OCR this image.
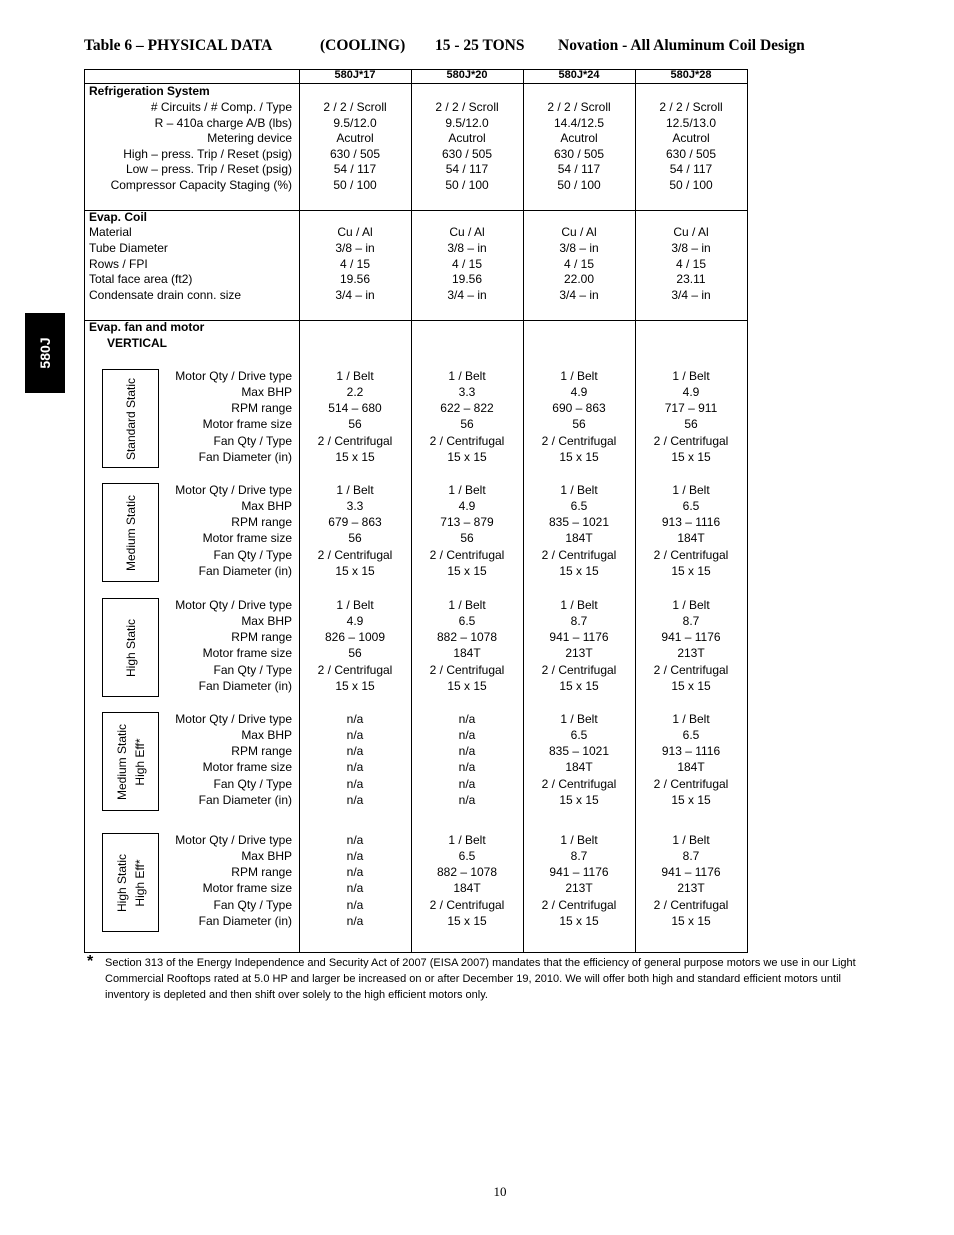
Table 6 – PHYSICAL DATA	(COOLING) 15 - 25 TONS Novation - All Aluminum Coil Design
580J
580J*17	580J*20	580J*24	580J*28
Refrigeration System
Evap. Coil
Evap. fan and motor
VERTICAL
# Circuits / # Comp. / Type	2 / 2 / Scroll	2 / 2 / Scroll	2 / 2 / Scroll	2 / 2 / Scroll
R – 410a charge A/B (lbs)	9.5/12.0	9.5/12.0	14.4/12.5	12.5/13.0
Metering device	Acutrol	Acutrol	Acutrol	Acutrol
High – press. Trip / Reset (psig)	630 / 505	630 / 505	630 / 505	630 / 505
Low – press. Trip / Reset (psig)	54 / 117	54 / 117	54 / 117	54 / 117
Compressor Capacity Staging (%)	50 / 100	50 / 100	50 / 100	50 / 100
Material	Cu / Al	Cu / Al	Cu / Al	Cu / Al
Tube Diameter	3/8 – in	3/8 – in	3/8 – in	3/8 – in
Rows / FPI	4 / 15	4 / 15	4 / 15	4 / 15
Total face area (ft2)	19.56	19.56	22.00	23.11
Condensate drain conn. size	3/4 – in	3/4 – in	3/4 – in	3/4 – in
Standard Static
Motor Qty / Drive type	1 / Belt	1 / Belt	1 / Belt	1 / Belt
Max BHP	2.2	3.3	4.9	4.9
RPM range	514 – 680	622 – 822	690 – 863	717 – 911
Motor frame size	56	56	56	56
Fan Qty / Type	2 / Centrifugal	2 / Centrifugal	2 / Centrifugal	2 / Centrifugal
Fan Diameter (in)	15 x 15	15 x 15	15 x 15	15 x 15
Medium Static
Motor Qty / Drive type	1 / Belt	1 / Belt	1 / Belt	1 / Belt
Max BHP	3.3	4.9	6.5	6.5
RPM range	679 – 863	713 – 879	835 – 1021	913 – 1116
Motor frame size	56	56	184T	184T
Fan Qty / Type	2 / Centrifugal	2 / Centrifugal	2 / Centrifugal	2 / Centrifugal
Fan Diameter (in)	15 x 15	15 x 15	15 x 15	15 x 15
High Static
Motor Qty / Drive type	1 / Belt	1 / Belt	1 / Belt	1 / Belt
Max BHP	4.9	6.5	8.7	8.7
RPM range	826 – 1009	882 – 1078	941 – 1176	941 – 1176
Motor frame size	56	184T	213T	213T
Fan Qty / Type	2 / Centrifugal	2 / Centrifugal	2 / Centrifugal	2 / Centrifugal
Fan Diameter (in)	15 x 15	15 x 15	15 x 15	15 x 15
Medium Static High Eff*
Motor Qty / Drive type	n/a	n/a	1 / Belt	1 / Belt
Max BHP	n/a	n/a	6.5	6.5
RPM range	n/a	n/a	835 – 1021	913 – 1116
Motor frame size	n/a	n/a	184T	184T
Fan Qty / Type	n/a	n/a	2 / Centrifugal	2 / Centrifugal
Fan Diameter (in)	n/a	n/a	15 x 15	15 x 15
High Static High Eff*
Motor Qty / Drive type	n/a	1 / Belt	1 / Belt	1 / Belt
Max BHP	n/a	6.5	8.7	8.7
RPM range	n/a	882 – 1078	941 – 1176	941 – 1176
Motor frame size	n/a	184T	213T	213T
Fan Qty / Type	n/a	2 / Centrifugal	2 / Centrifugal	2 / Centrifugal
Fan Diameter (in)	n/a	15 x 15	15 x 15	15 x 15
* Section 313 of the Energy Independence and Security Act of 2007 (EISA 2007) mandates that the efficiency of general purpose motors we use in our Light Commercial Rooftops rated at 5.0 HP and larger be increased on or after December 19, 2010. We will offer both high and standard efficient motors until inventory is depleted and then shift over solely to the high efficient motors only.
10
